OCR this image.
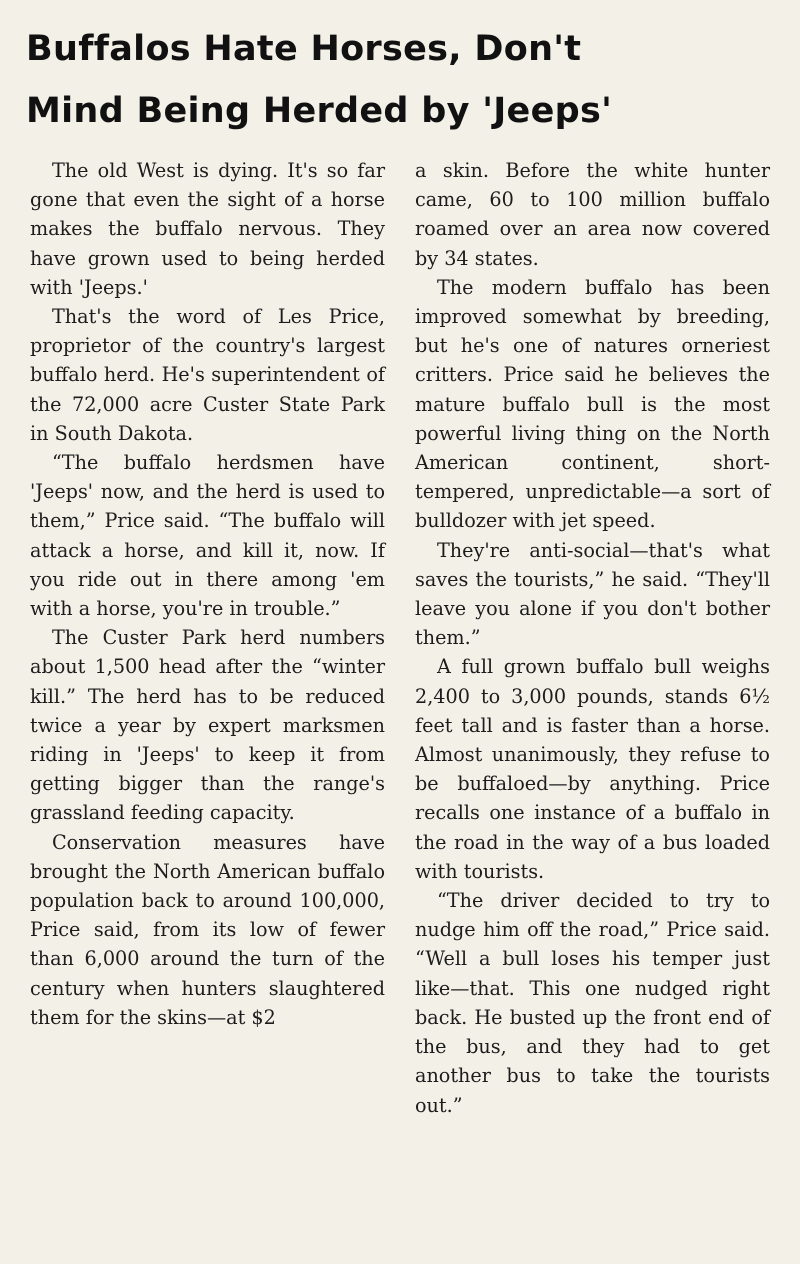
Buffalos Hate Horses, Don't
Mind Being Herded by 'Jeeps'

The old West is dying. It's so far gone that even the sight of a horse makes the buffalo nervous. They have grown used to being herded with 'Jeeps.'

That's the word of Les Price, proprietor of the country's largest buffalo herd. He's superintendent of the 72,000 acre Custer State Park in South Dakota.

“The buffalo herdsmen have 'Jeeps' now, and the herd is used to them,” Price said. “The buffalo will attack a horse, and kill it, now. If you ride out in there among 'em with a horse, you're in trouble.”

The Custer Park herd numbers about 1,500 head after the “winter kill.” The herd has to be reduced twice a year by expert marksmen riding in 'Jeeps' to keep it from getting bigger than the range's grassland feeding capacity.

Conservation measures have brought the North American buffalo population back to around 100,000, Price said, from its low of fewer than 6,000 around the turn of the century when hunters slaughtered them for the skins—at $2

a skin. Before the white hunter came, 60 to 100 million buffalo roamed over an area now covered by 34 states.

The modern buffalo has been improved somewhat by breeding, but he's one of natures orneriest critters. Price said he believes the mature buffalo bull is the most powerful living thing on the North American continent, short-tempered, unpredictable—a sort of bulldozer with jet speed.

They're anti-social—that's what saves the tourists,” he said. “They'll leave you alone if you don't bother them.”

A full grown buffalo bull weighs 2,400 to 3,000 pounds, stands 6½ feet tall and is faster than a horse. Almost unanimously, they refuse to be buffaloed—by anything. Price recalls one instance of a buffalo in the road in the way of a bus loaded with tourists.

“The driver decided to try to nudge him off the road,” Price said. “Well a bull loses his temper just like—that. This one nudged right back. He busted up the front end of the bus, and they had to get another bus to take the tourists out.”
